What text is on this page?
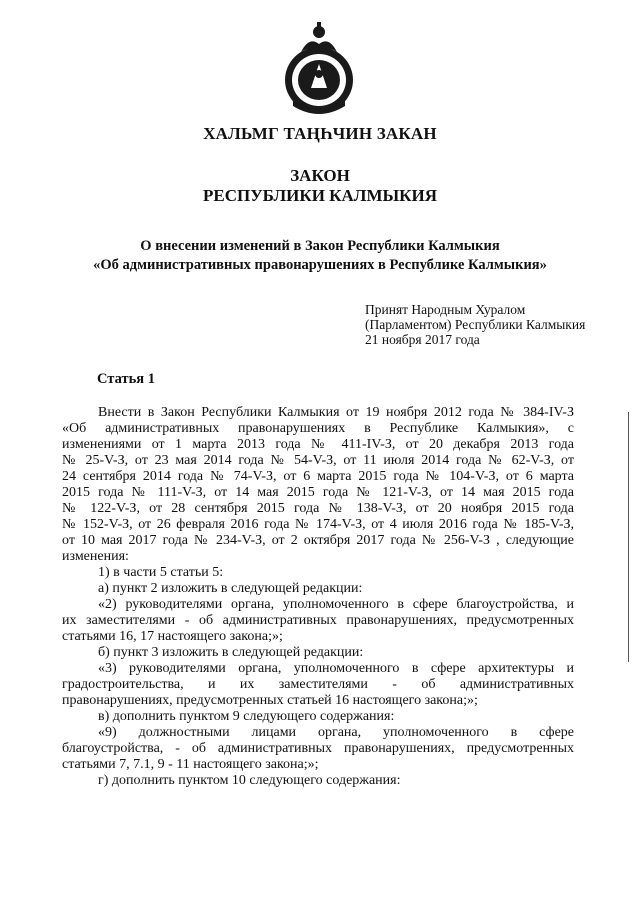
ХАЛЬМГ ТАҢҺЧИН ЗАКАН
ЗАКОН
РЕСПУБЛИКИ КАЛМЫКИЯ
О внесении изменений в Закон Республики Калмыкия
«Об административных правонарушениях в Республике Калмыкия»
Принят Народным Хуралом
(Парламентом) Республики Калмыкия
21 ноября 2017 года
Статья 1
Внести в Закон Республики Калмыкия от 19 ноября 2012 года № 384-IV-З
«Об административных правонарушениях в Республике Калмыкия», с
изменениями от 1 марта 2013 года № 411-IV-З, от 20 декабря 2013 года
№ 25-V-З, от 23 мая 2014 года № 54-V-З, от 11 июля 2014 года № 62-V-З, от
24 сентября 2014 года № 74-V-З, от 6 марта 2015 года № 104-V-З, от 6 марта
2015 года № 111-V-З, от 14 мая 2015 года № 121-V-З, от 14 мая 2015 года
№ 122-V-З, от 28 сентября 2015 года № 138-V-З, от 20 ноября 2015 года
№ 152-V-З, от 26 февраля 2016 года № 174-V-З, от 4 июля 2016 года № 185-V-З,
от 10 мая 2017 года № 234-V-З, от 2 октября 2017 года № 256-V-З , следующие
изменения:
1) в части 5 статьи 5:
а) пункт 2 изложить в следующей редакции:
«2) руководителями органа, уполномоченного в сфере благоустройства, и
их заместителями - об административных правонарушениях, предусмотренных
статьями 16, 17 настоящего закона;»;
б) пункт 3 изложить в следующей редакции:
«3) руководителями органа, уполномоченного в сфере архитектуры и
градостроительства, и их заместителями - об административных
правонарушениях, предусмотренных статьей 16 настоящего закона;»;
в) дополнить пунктом 9 следующего содержания:
«9) должностными лицами органа, уполномоченного в сфере
благоустройства, - об административных правонарушениях, предусмотренных
статьями 7, 7.1, 9 - 11 настоящего закона;»;
г) дополнить пунктом 10 следующего содержания:
